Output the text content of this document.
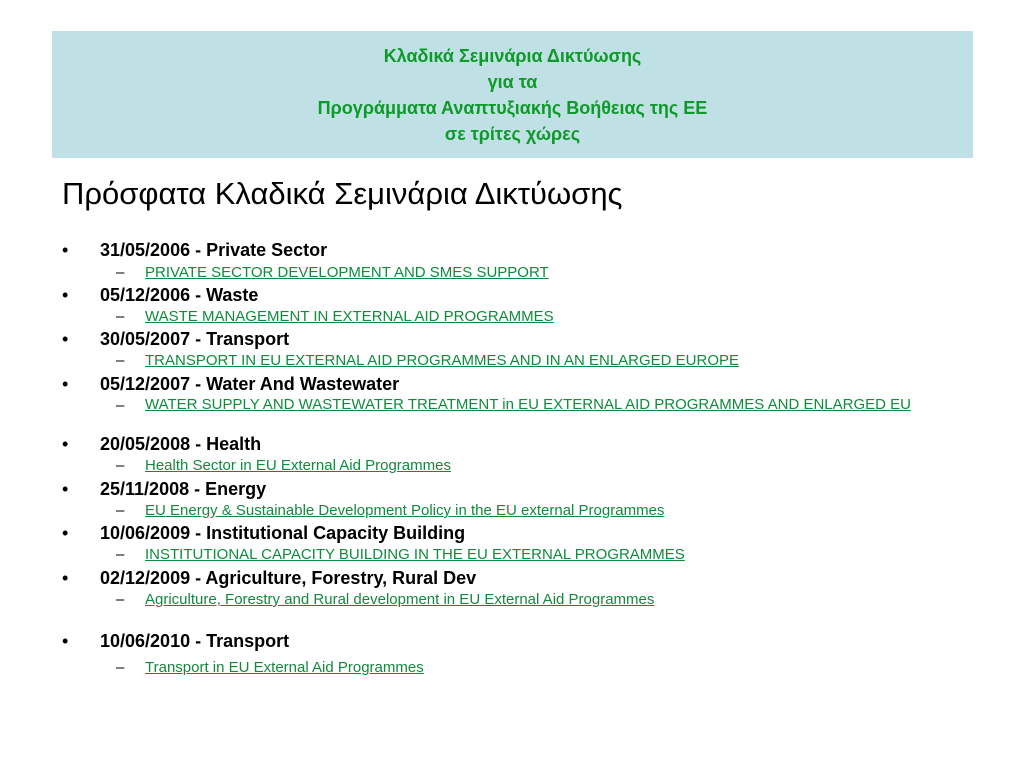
Κλαδικά Σεμινάρια Δικτύωσης
για τα
Προγράμματα Αναπτυξιακής Βοήθειας της ΕΕ
σε τρίτες χώρες
Πρόσφατα Κλαδικά Σεμινάρια Δικτύωσης
• 31/05/2006 - Private Sector
– PRIVATE SECTOR DEVELOPMENT AND SMES SUPPORT
• 05/12/2006 - Waste
– WASTE MANAGEMENT IN EXTERNAL AID PROGRAMMES
• 30/05/2007 - Transport
– TRANSPORT IN EU EXTERNAL AID PROGRAMMES AND IN AN ENLARGED EUROPE
• 05/12/2007 - Water And Wastewater
– WATER SUPPLY AND WASTEWATER TREATMENT in EU EXTERNAL AID PROGRAMMES AND ENLARGED EU
• 20/05/2008 - Health
– Health Sector in EU External Aid Programmes
• 25/11/2008 - Energy
– EU Energy & Sustainable Development Policy in the EU external Programmes
• 10/06/2009 - Institutional Capacity Building
– INSTITUTIONAL CAPACITY BUILDING IN THE EU EXTERNAL PROGRAMMES
• 02/12/2009 - Agriculture, Forestry, Rural Dev
– Agriculture, Forestry and Rural development in EU External Aid Programmes
• 10/06/2010 - Transport
– Transport in EU External Aid Programmes
